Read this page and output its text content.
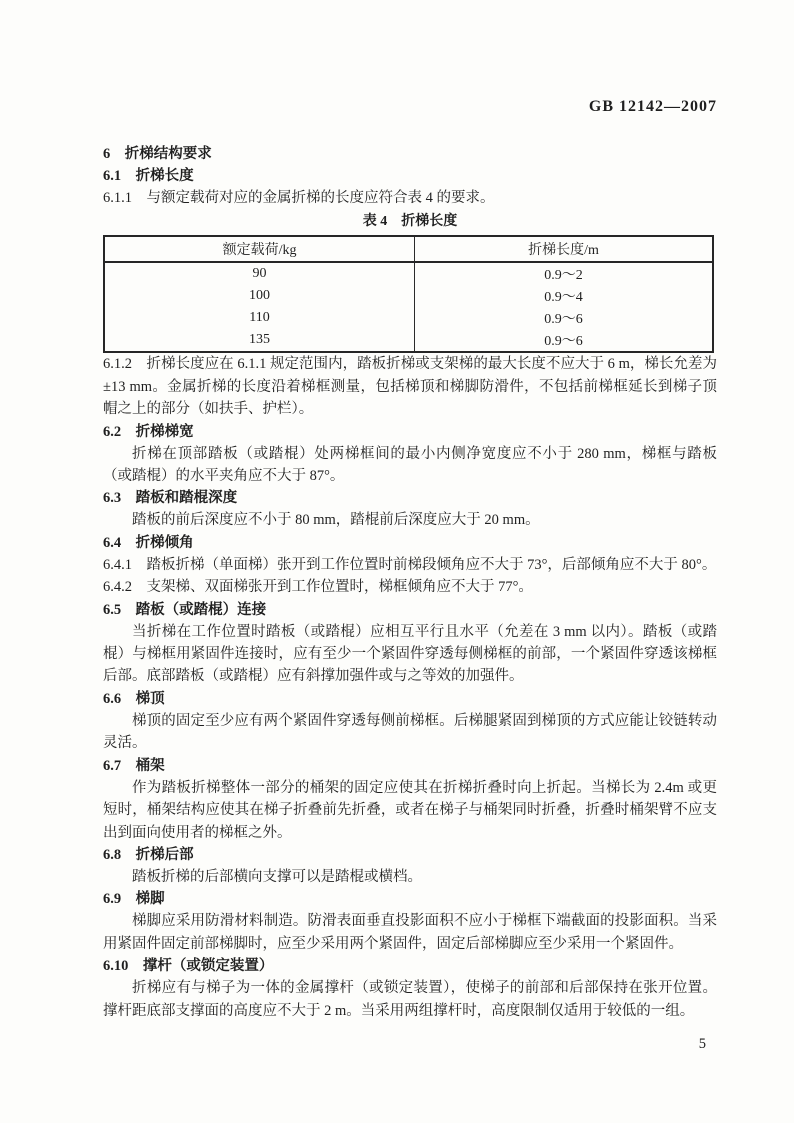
GB 12142—2007
6　折梯结构要求
6.1　折梯长度

6.1.1　与额定载荷对应的金属折梯的长度应符合表 4 的要求。

表 4　折梯长度
额定载荷/kg	折梯长度/m
90	0.9～2
100	0.9～4
110	0.9～6
135	0.9～6

6.1.2　折梯长度应在 6.1.1 规定范围内，踏板折梯或支架梯的最大长度不应大于 6 m，梯长允差为 ±13 mm。金属折梯的长度沿着梯框测量，包括梯顶和梯脚防滑件，不包括前梯框延长到梯子顶帽之上的部分（如扶手、护栏）。

6.2　折梯梯宽

折梯在顶部踏板（或踏棍）处两梯框间的最小内侧净宽度应不小于 280 mm，梯框与踏板（或踏棍）的水平夹角应不大于 87°。

6.3　踏板和踏棍深度

踏板的前后深度应不小于 80 mm，踏棍前后深度应大于 20 mm。

6.4　折梯倾角

6.4.1　踏板折梯（单面梯）张开到工作位置时前梯段倾角应不大于 73°，后部倾角应不大于 80°。

6.4.2　支架梯、双面梯张开到工作位置时，梯框倾角应不大于 77°。

6.5　踏板（或踏棍）连接

当折梯在工作位置时踏板（或踏棍）应相互平行且水平（允差在 3 mm 以内）。踏板（或踏棍）与梯框用紧固件连接时，应有至少一个紧固件穿透每侧梯框的前部，一个紧固件穿透该梯框后部。底部踏板（或踏棍）应有斜撑加强件或与之等效的加强件。

6.6　梯顶

梯顶的固定至少应有两个紧固件穿透每侧前梯框。后梯腿紧固到梯顶的方式应能让铰链转动灵活。

6.7　桶架

作为踏板折梯整体一部分的桶架的固定应使其在折梯折叠时向上折起。当梯长为 2.4m 或更短时，桶架结构应使其在梯子折叠前先折叠，或者在梯子与桶架同时折叠，折叠时桶架臂不应支出到面向使用者的梯框之外。

6.8　折梯后部

踏板折梯的后部横向支撑可以是踏棍或横档。

6.9　梯脚

梯脚应采用防滑材料制造。防滑表面垂直投影面积不应小于梯框下端截面的投影面积。当采用紧固件固定前部梯脚时，应至少采用两个紧固件，固定后部梯脚应至少采用一个紧固件。

6.10　撑杆（或锁定装置）

折梯应有与梯子为一体的金属撑杆（或锁定装置），使梯子的前部和后部保持在张开位置。撑杆距底部支撑面的高度应不大于 2 m。当采用两组撑杆时，高度限制仅适用于较低的一组。

5
